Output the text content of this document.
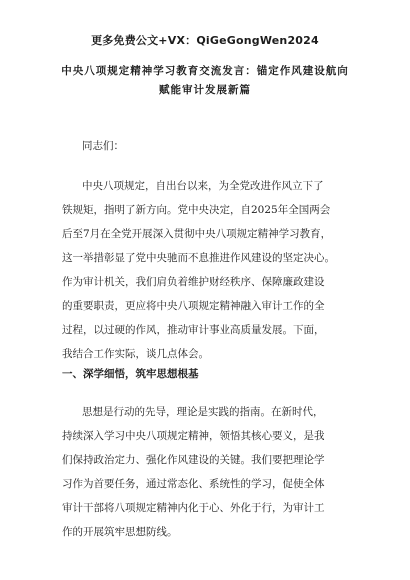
更多免费公文+VX：QiGeGongWen2024
中央八项规定精神学习教育交流发言：锚定作风建设航向
赋能审计发展新篇
同志们：

中央八项规定，自出台以来，为全党改进作风立下了

铁规矩，指明了新方向。党中央决定，自2025年全国两会

后至7月在全党开展深入贯彻中央八项规定精神学习教育，

这一举措彰显了党中央驰而不息推进作风建设的坚定决心。

作为审计机关，我们肩负着维护财经秩序、保障廉政建设

的重要职责，更应将中央八项规定精神融入审计工作的全

过程，以过硬的作风，推动审计事业高质量发展。下面，

我结合工作实际，谈几点体会。

一、深学细悟，筑牢思想根基

思想是行动的先导，理论是实践的指南。在新时代，

持续深入学习中央八项规定精神，领悟其核心要义，是我

们保持政治定力、强化作风建设的关键。我们要把理论学

习作为首要任务，通过常态化、系统性的学习，促使全体

审计干部将八项规定精神内化于心、外化于行，为审计工

作的开展筑牢思想防线。
